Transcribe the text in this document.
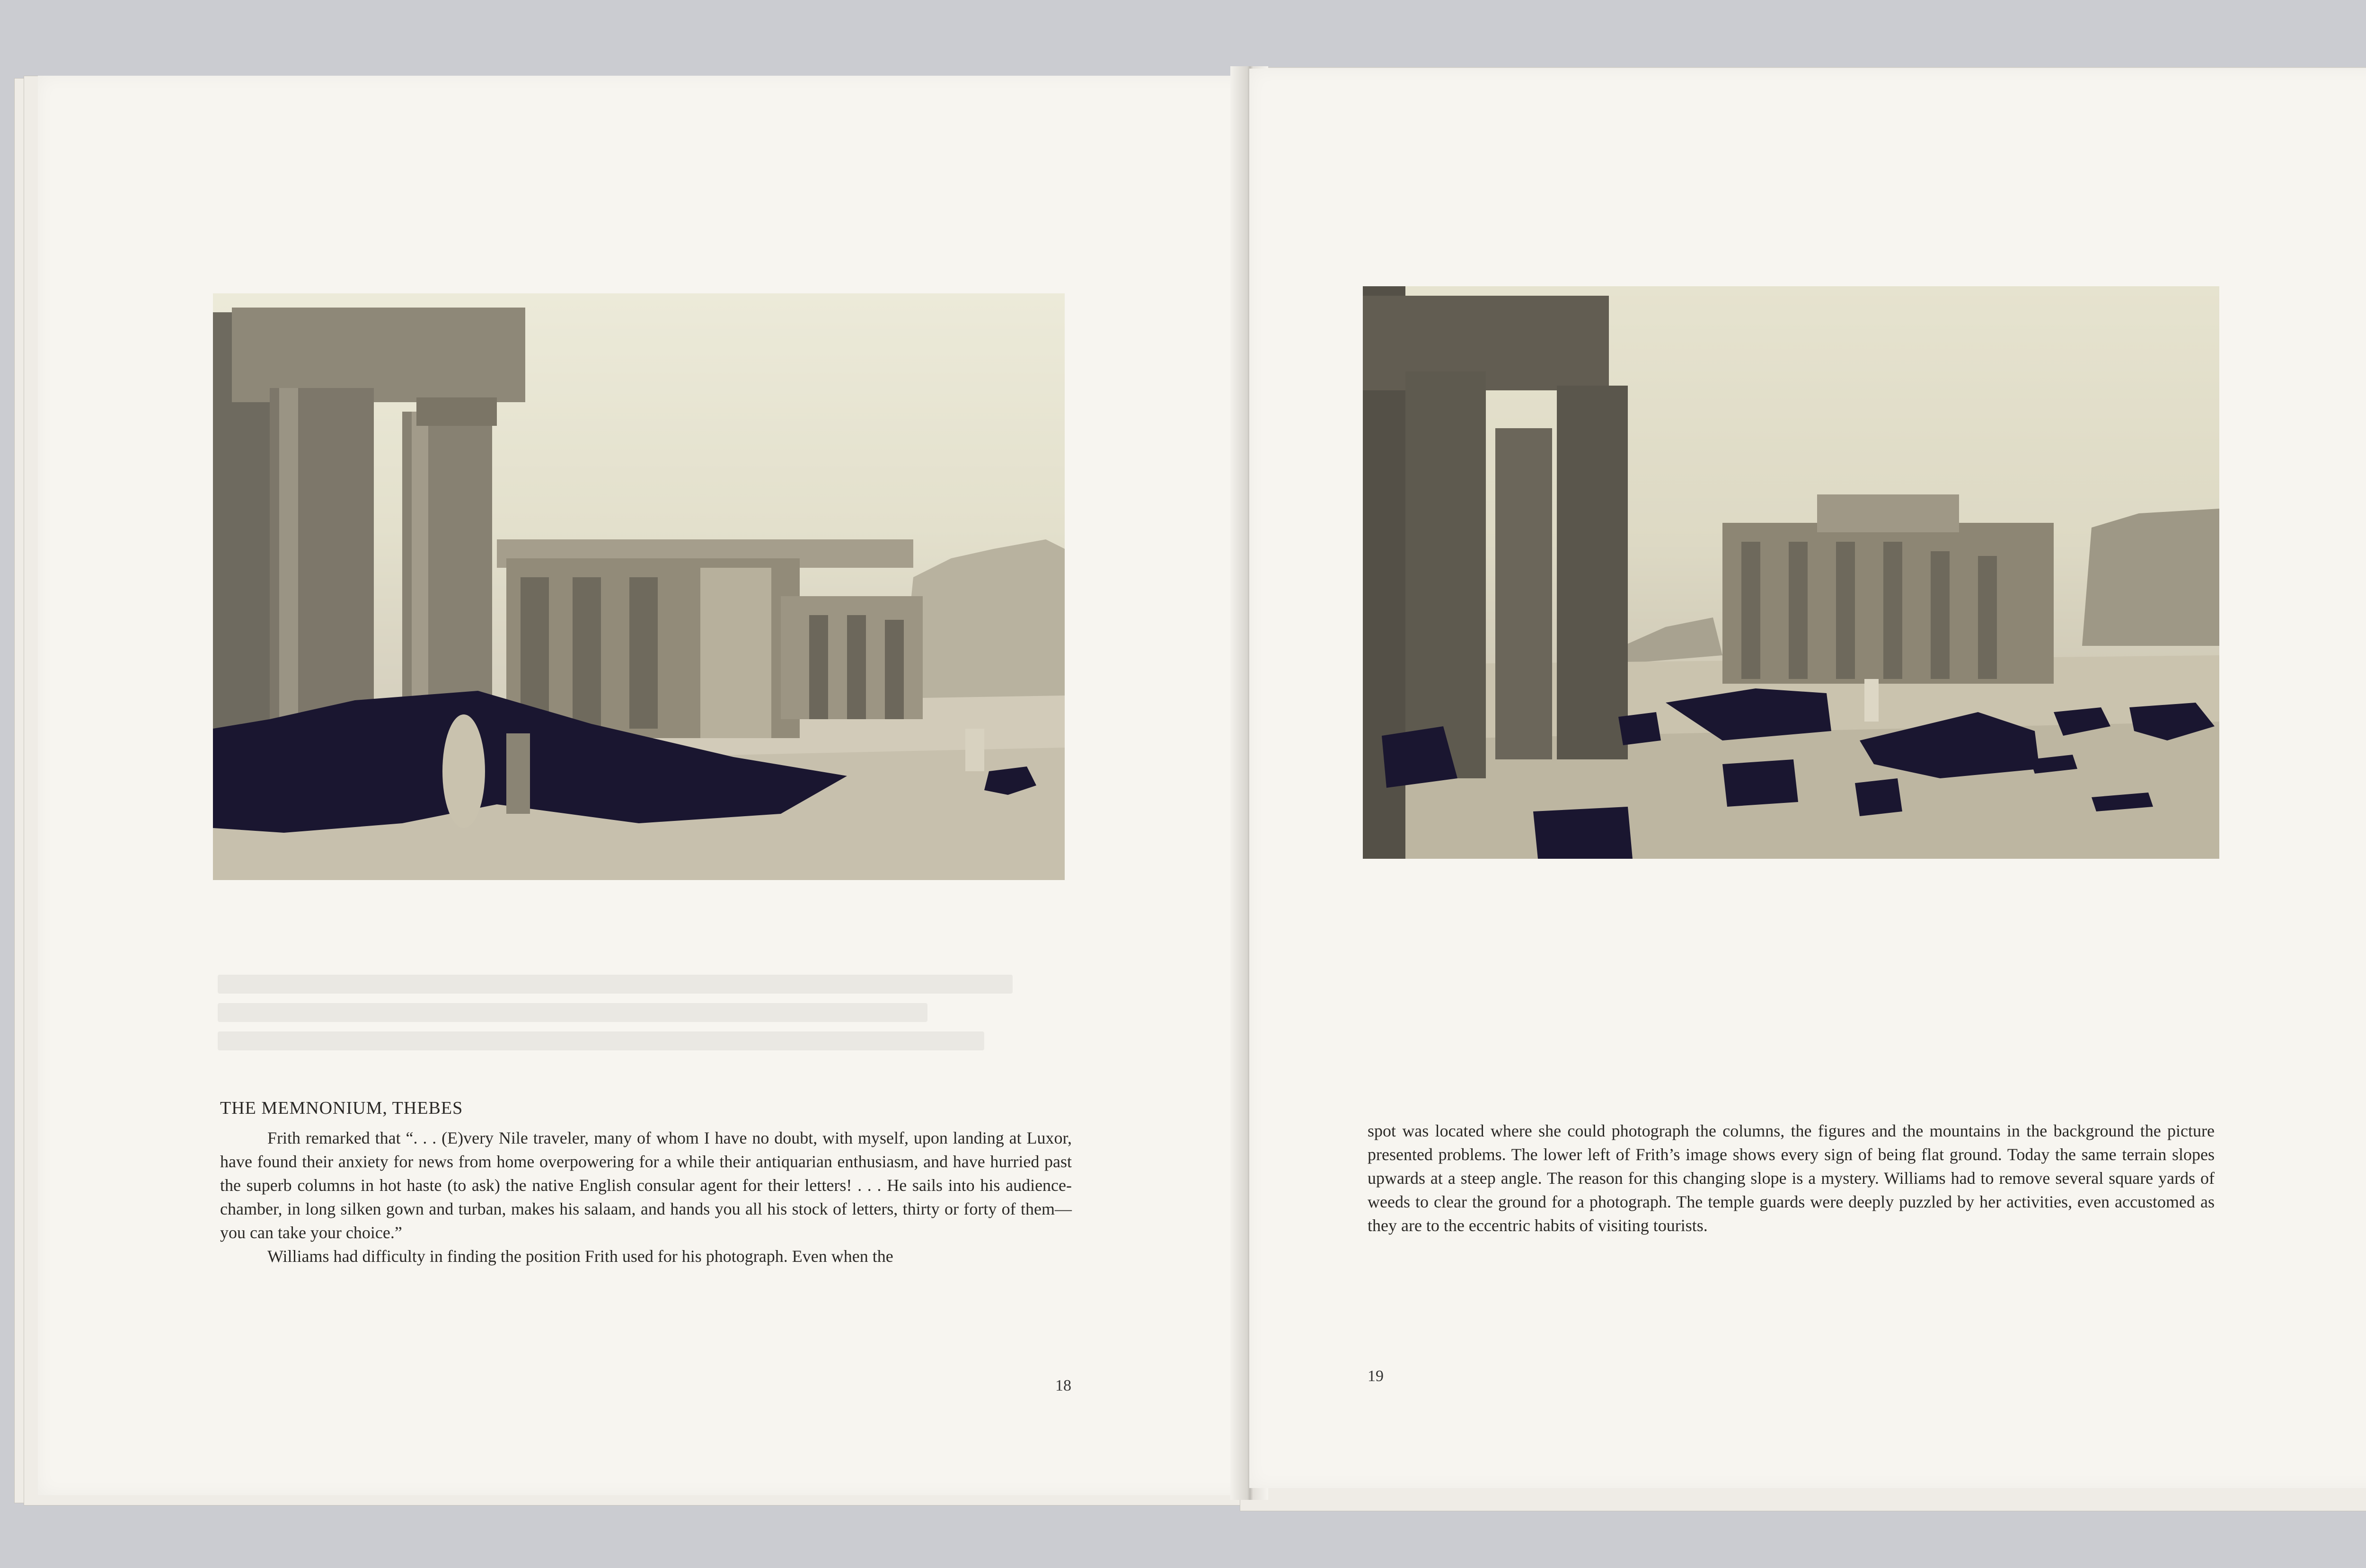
THE MEMNONIUM, THEBES

Frith remarked that “. . . (E)very Nile traveler, many of whom I have no doubt, with myself, upon landing at Luxor, have found their anxiety for news from home overpowering for a while their antiquarian enthusiasm, and have hurried past the superb columns in hot haste (to ask) the native English consular agent for their letters! . . . He sails into his audience-chamber, in long silken gown and turban, makes his salaam, and hands you all his stock of letters, thirty or forty of them—you can take your choice.”

Williams had difficulty in finding the position Frith used for his photograph. Even when the

18

spot was located where she could photograph the columns, the figures and the mountains in the background the picture presented problems. The lower left of Frith’s image shows every sign of being flat ground. Today the same terrain slopes upwards at a steep angle. The reason for this changing slope is a mystery. Williams had to remove several square yards of weeds to clear the ground for a photograph. The temple guards were deeply puzzled by her activities, even accustomed as they are to the eccentric habits of visiting tourists.

19
